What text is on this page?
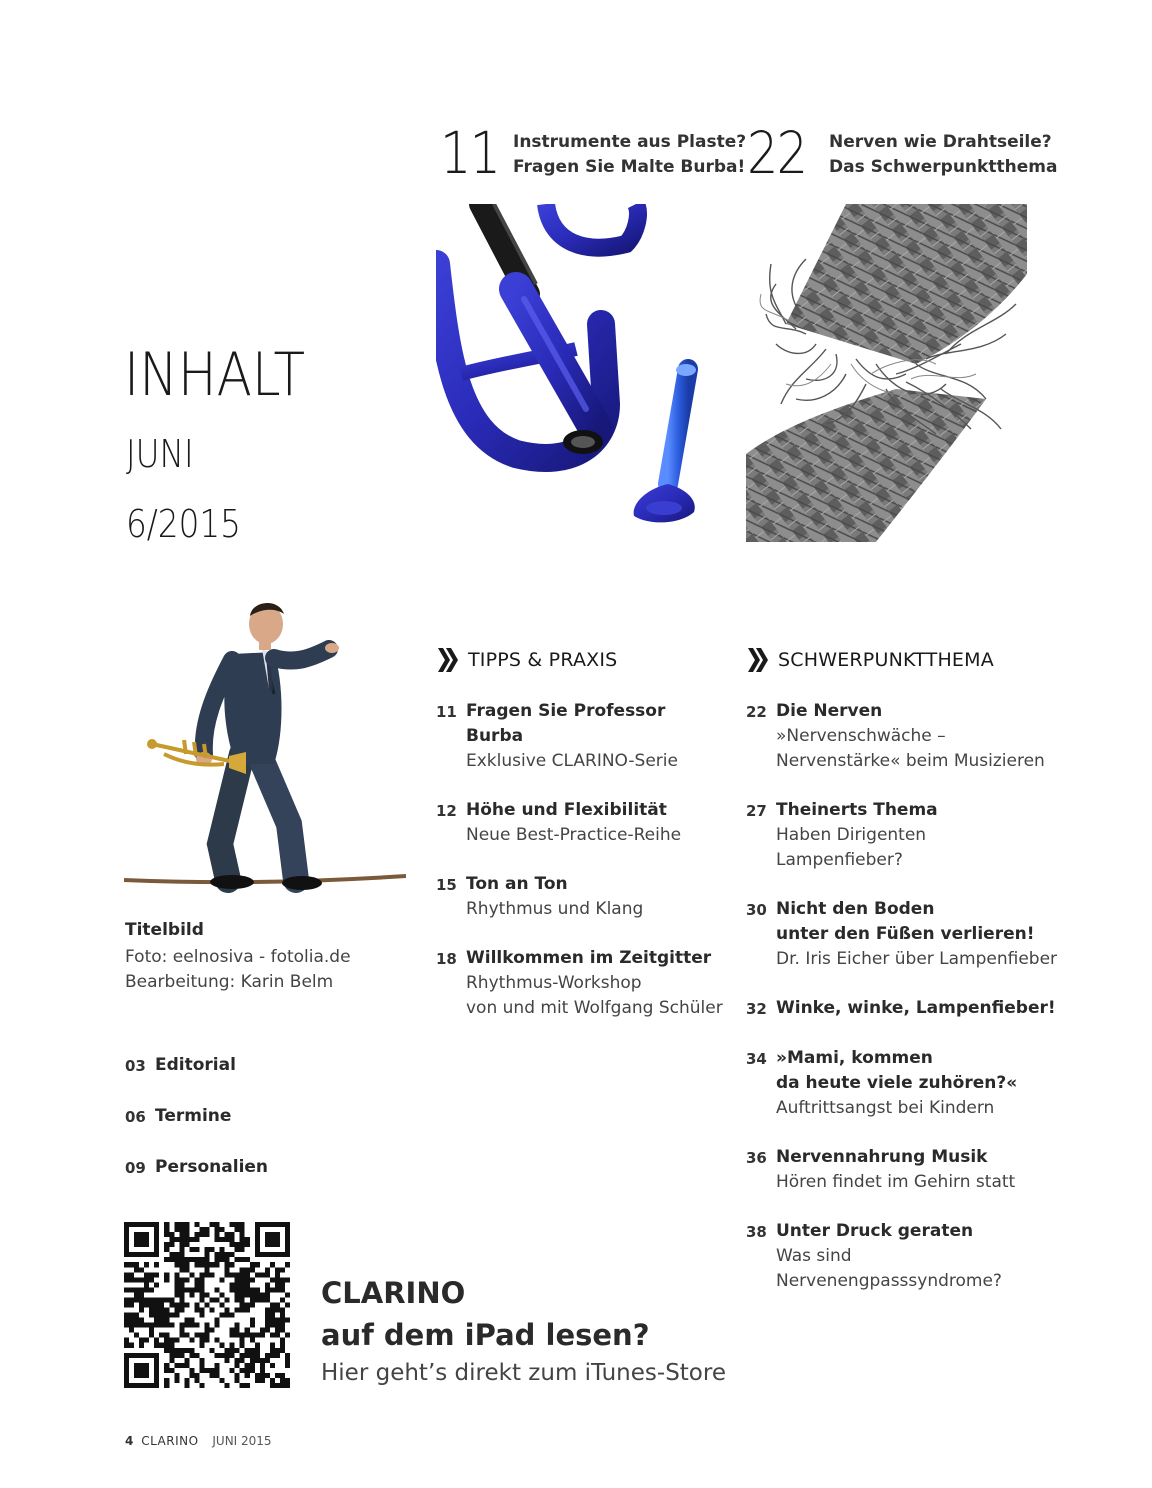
INHALT
JUNI
6/2015
11 Instrumente aus Plaste?
Fragen Sie Malte Burba! 22 Nerven wie Drahtseile?
Das Schwerpunktthema
Titelbild
Foto: eelnosiva - fotolia.de
Bearbeitung: Karin Belm
03 Editorial
06 Termine
09 Personalien
TIPPS & PRAXIS
11 Fragen Sie Professor Burba
Exklusive CLARINO-Serie
12 Höhe und Flexibilität
Neue Best-Practice-Reihe
15 Ton an Ton
Rhythmus und Klang
18 Willkommen im Zeitgitter
Rhythmus-Workshop
von und mit Wolfgang Schüler
SCHWERPUNKTTHEMA
22 Die Nerven
»Nervenschwäche –
Nervenstärke« beim Musizieren
27 Theinerts Thema
Haben Dirigenten
Lampenfieber?
30 Nicht den Boden
unter den Füßen verlieren!
Dr. Iris Eicher über Lampenfieber
32 Winke, winke, Lampenfieber!
34 »Mami, kommen
da heute viele zuhören?«
Auftrittsangst bei Kindern
36 Nervennahrung Musik
Hören findet im Gehirn statt
38 Unter Druck geraten
Was sind
Nervenengpasssyndrome?
CLARINO
auf dem iPad lesen?
Hier geht’s direkt zum iTunes-Store
4 CLARINO JUNI 2015
